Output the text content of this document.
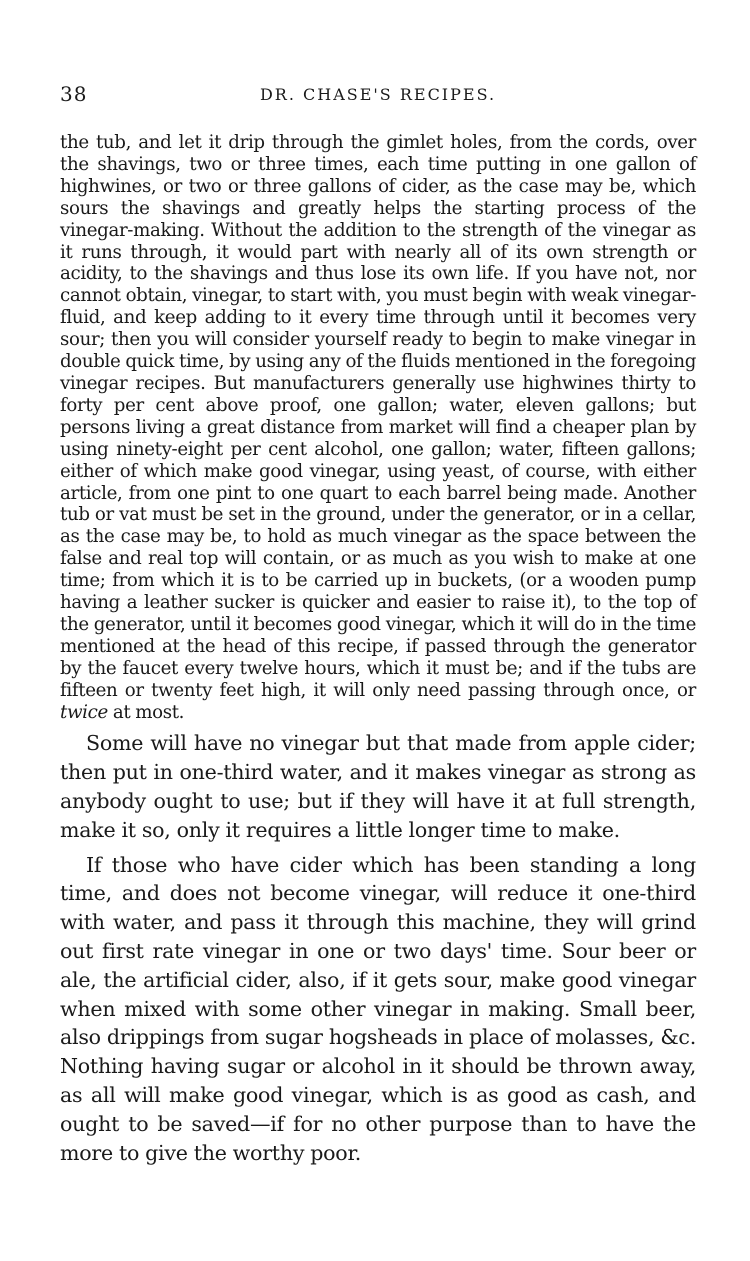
38	DR. CHASE'S RECIPES.

the tub, and let it drip through the gimlet holes, from the cords, over the shavings, two or three times, each time putting in one gallon of highwines, or two or three gallons of cider, as the case may be, which sours the shavings and greatly helps the starting process of the vinegar-making. Without the addition to the strength of the vinegar as it runs through, it would part with nearly all of its own strength or acidity, to the shavings and thus lose its own life. If you have not, nor cannot obtain, vinegar, to start with, you must begin with weak vinegar-fluid, and keep adding to it every time through until it becomes very sour; then you will consider yourself ready to begin to make vinegar in double quick time, by using any of the fluids mentioned in the foregoing vinegar recipes. But manufacturers generally use highwines thirty to forty per cent above proof, one gallon; water, eleven gallons; but persons living a great distance from market will find a cheaper plan by using ninety-eight per cent alcohol, one gallon; water, fifteen gallons; either of which make good vinegar, using yeast, of course, with either article, from one pint to one quart to each barrel being made. Another tub or vat must be set in the ground, under the generator, or in a cellar, as the case may be, to hold as much vinegar as the space between the false and real top will contain, or as much as you wish to make at one time; from which it is to be carried up in buckets, (or a wooden pump having a leather sucker is quicker and easier to raise it), to the top of the generator, until it becomes good vinegar, which it will do in the time mentioned at the head of this recipe, if passed through the generator by the faucet every twelve hours, which it must be; and if the tubs are fifteen or twenty feet high, it will only need passing through once, or twice at most.

Some will have no vinegar but that made from apple cider; then put in one-third water, and it makes vinegar as strong as anybody ought to use; but if they will have it at full strength, make it so, only it requires a little longer time to make.

If those who have cider which has been standing a long time, and does not become vinegar, will reduce it one-third with water, and pass it through this machine, they will grind out first rate vinegar in one or two days' time. Sour beer or ale, the artificial cider, also, if it gets sour, make good vinegar when mixed with some other vinegar in making. Small beer, also drippings from sugar hogsheads in place of molasses, &c. Nothing having sugar or alcohol in it should be thrown away, as all will make good vinegar, which is as good as cash, and ought to be saved—if for no other purpose than to have the more to give the worthy poor.
